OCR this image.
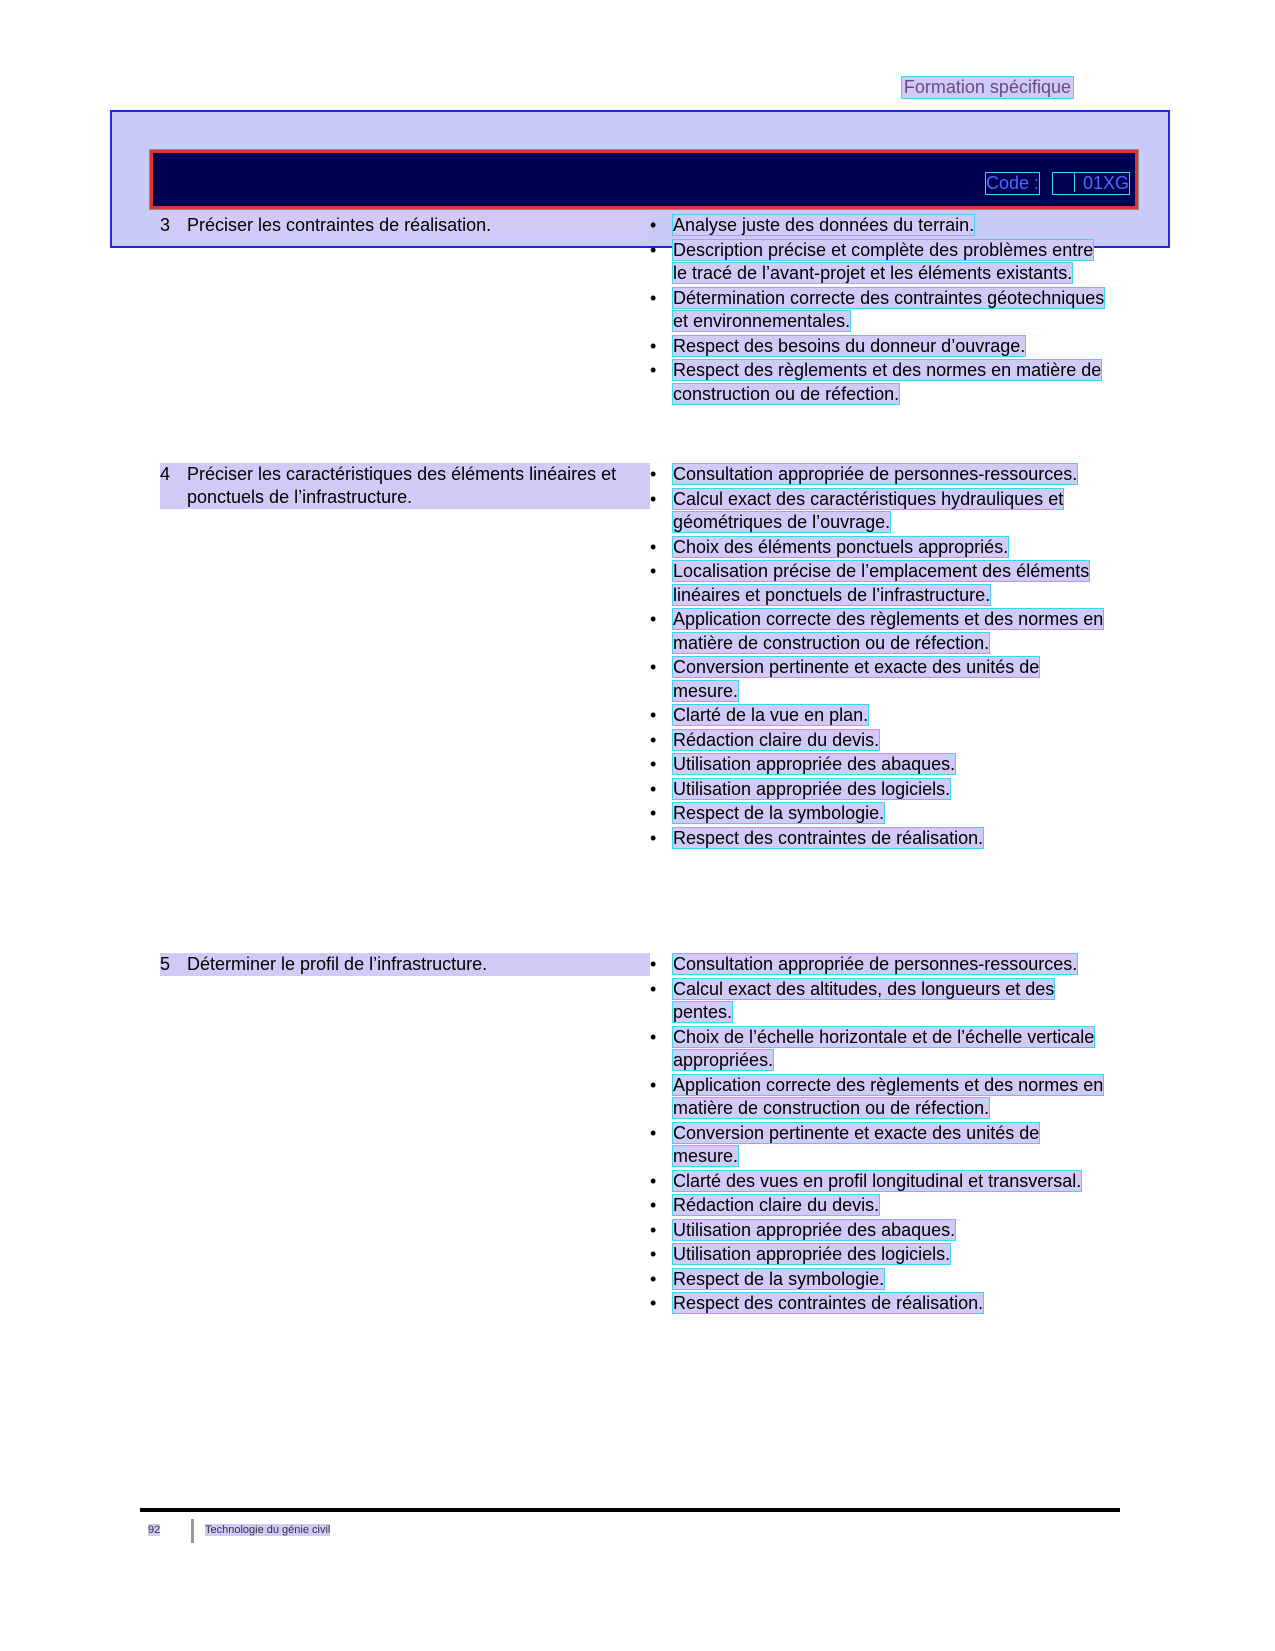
Formation spécifique
Code :	01XG
3 Préciser les contraintes de réalisation.	• Analyse juste des données du terrain.
• Description précise et complète des problèmes entre le tracé de l’avant-projet et les éléments existants.
• Détermination correcte des contraintes géotechniques et environnementales.
• Respect des besoins du donneur d’ouvrage.
• Respect des règlements et des normes en matière de construction ou de réfection.
4 Préciser les caractéristiques des éléments linéaires et ponctuels de l’infrastructure.
• Consultation appropriée de personnes-ressources.
• Calcul exact des caractéristiques hydrauliques et géométriques de l’ouvrage.
• Choix des éléments ponctuels appropriés.
• Localisation précise de l’emplacement des éléments linéaires et ponctuels de l’infrastructure.
• Application correcte des règlements et des normes en matière de construction ou de réfection.
• Conversion pertinente et exacte des unités de mesure.
• Clarté de la vue en plan.
• Rédaction claire du devis.
• Utilisation appropriée des abaques.
• Utilisation appropriée des logiciels.
• Respect de la symbologie.
• Respect des contraintes de réalisation.
5 Déterminer le profil de l’infrastructure.	• Consultation appropriée de personnes-ressources.
• Calcul exact des altitudes, des longueurs et des pentes.
• Choix de l’échelle horizontale et de l’échelle verticale appropriées.
• Application correcte des règlements et des normes en matière de construction ou de réfection.
• Conversion pertinente et exacte des unités de mesure.
• Clarté des vues en profil longitudinal et transversal.
• Rédaction claire du devis.
• Utilisation appropriée des abaques.
• Utilisation appropriée des logiciels.
• Respect de la symbologie.
• Respect des contraintes de réalisation.
92	Technologie du génie civil
